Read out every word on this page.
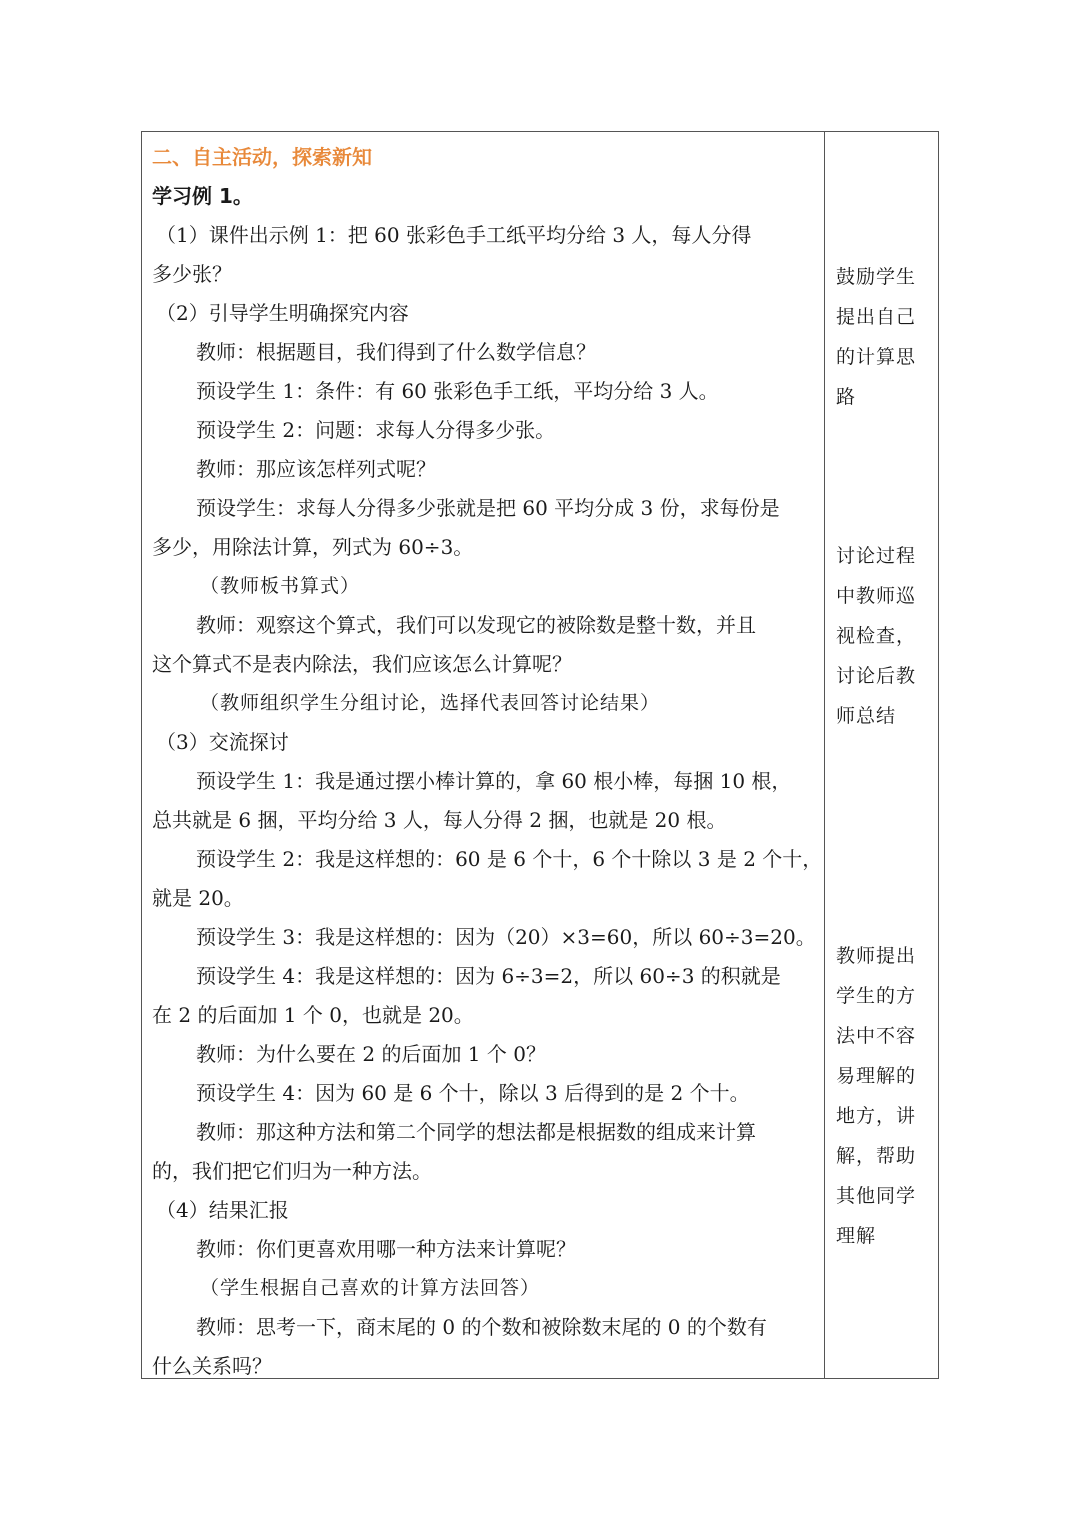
二、自主活动，探索新知
学习例 1。
（1）课件出示例 1：把 60 张彩色手工纸平均分给 3 人，每人分得
多少张？
（2）引导学生明确探究内容
教师：根据题目，我们得到了什么数学信息？
预设学生 1：条件：有 60 张彩色手工纸，平均分给 3 人。
预设学生 2：问题：求每人分得多少张。
教师：那应该怎样列式呢？
预设学生：求每人分得多少张就是把 60 平均分成 3 份，求每份是
多少，用除法计算，列式为 60÷3。
（教师板书算式）
教师：观察这个算式，我们可以发现它的被除数是整十数，并且
这个算式不是表内除法，我们应该怎么计算呢？
（教师组织学生分组讨论，选择代表回答讨论结果）
（3）交流探讨
预设学生 1：我是通过摆小棒计算的，拿 60 根小棒，每捆 10 根，
总共就是 6 捆，平均分给 3 人，每人分得 2 捆，也就是 20 根。
预设学生 2：我是这样想的：60 是 6 个十，6 个十除以 3 是 2 个十，
就是 20。
预设学生 3：我是这样想的：因为（20）×3=60，所以 60÷3=20。
预设学生 4：我是这样想的：因为 6÷3=2，所以 60÷3 的积就是
在 2 的后面加 1 个 0，也就是 20。
教师：为什么要在 2 的后面加 1 个 0？
预设学生 4：因为 60 是 6 个十，除以 3 后得到的是 2 个十。
教师：那这种方法和第二个同学的想法都是根据数的组成来计算
的，我们把它们归为一种方法。
（4）结果汇报
教师：你们更喜欢用哪一种方法来计算呢？
（学生根据自己喜欢的计算方法回答）
教师：思考一下，商末尾的 0 的个数和被除数末尾的 0 的个数有
什么关系吗？
鼓励学生
提出自己
的计算思
路
讨论过程
中教师巡
视检查，
讨论后教
师总结
教师提出
学生的方
法中不容
易理解的
地方，讲
解，帮助
其他同学
理解
